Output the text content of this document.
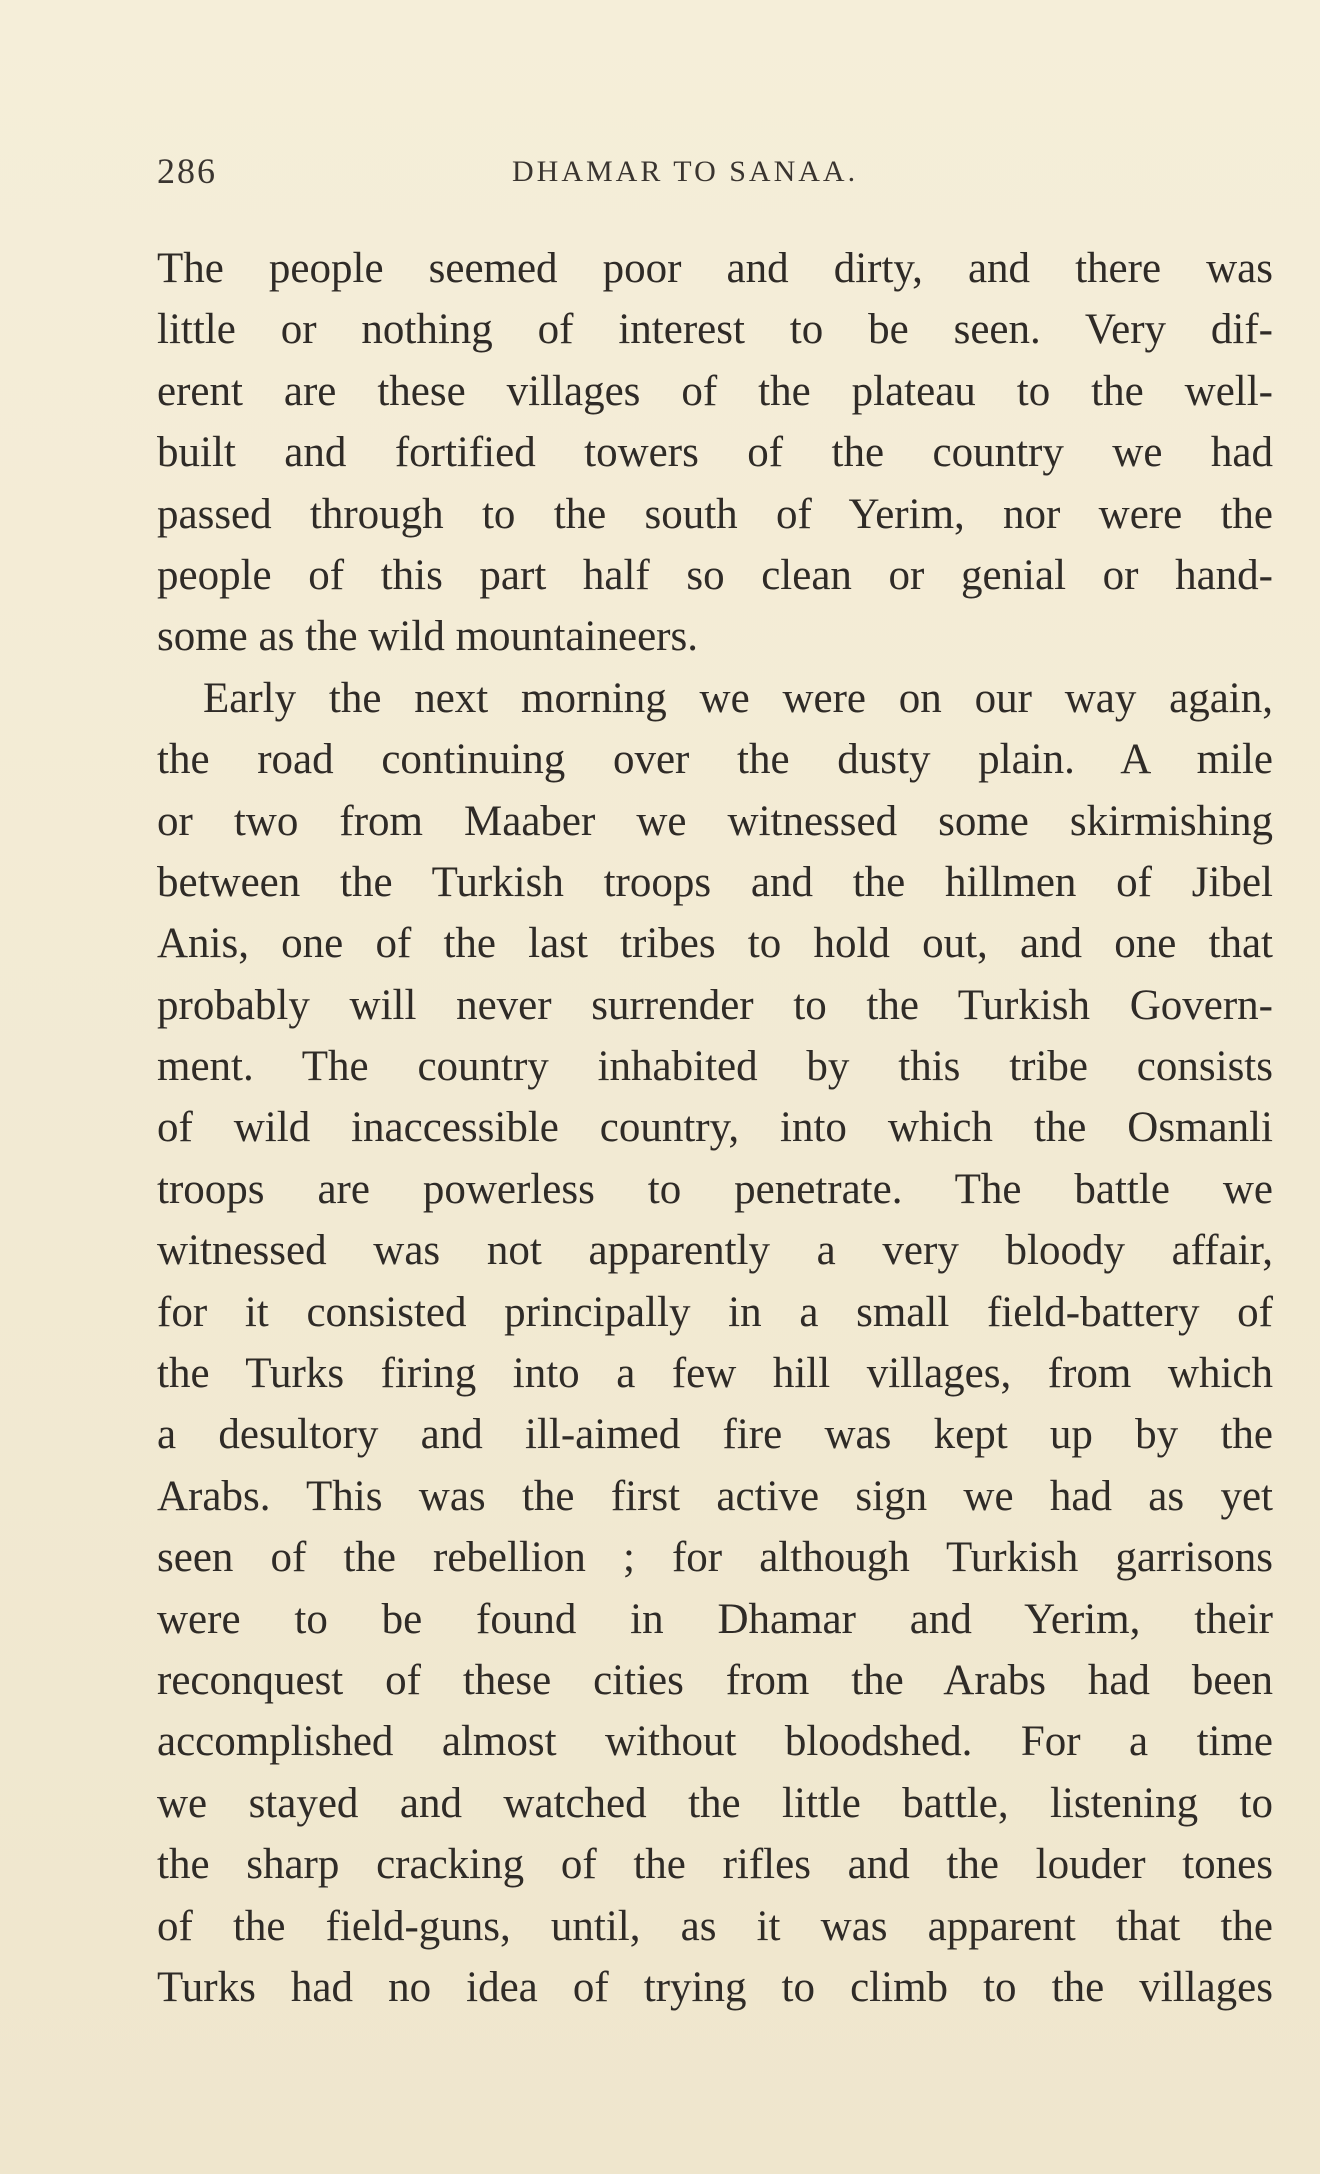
286	DHAMAR TO SANAA.
The people seemed poor and dirty, and there was
little or nothing of interest to be seen. Very dif-
erent are these villages of the plateau to the well-
built and fortified towers of the country we had
passed through to the south of Yerim, nor were the
people of this part half so clean or genial or hand-
some as the wild mountaineers.
Early the next morning we were on our way again,
the road continuing over the dusty plain. A mile
or two from Maaber we witnessed some skirmishing
between the Turkish troops and the hillmen of Jibel
Anis, one of the last tribes to hold out, and one that
probably will never surrender to the Turkish Govern-
ment. The country inhabited by this tribe consists
of wild inaccessible country, into which the Osmanli
troops are powerless to penetrate. The battle we
witnessed was not apparently a very bloody affair,
for it consisted principally in a small field-battery of
the Turks firing into a few hill villages, from which
a desultory and ill-aimed fire was kept up by the
Arabs. This was the first active sign we had as yet
seen of the rebellion ; for although Turkish garrisons
were to be found in Dhamar and Yerim, their
reconquest of these cities from the Arabs had been
accomplished almost without bloodshed. For a time
we stayed and watched the little battle, listening to
the sharp cracking of the rifles and the louder tones
of the field-guns, until, as it was apparent that the
Turks had no idea of trying to climb to the villages
